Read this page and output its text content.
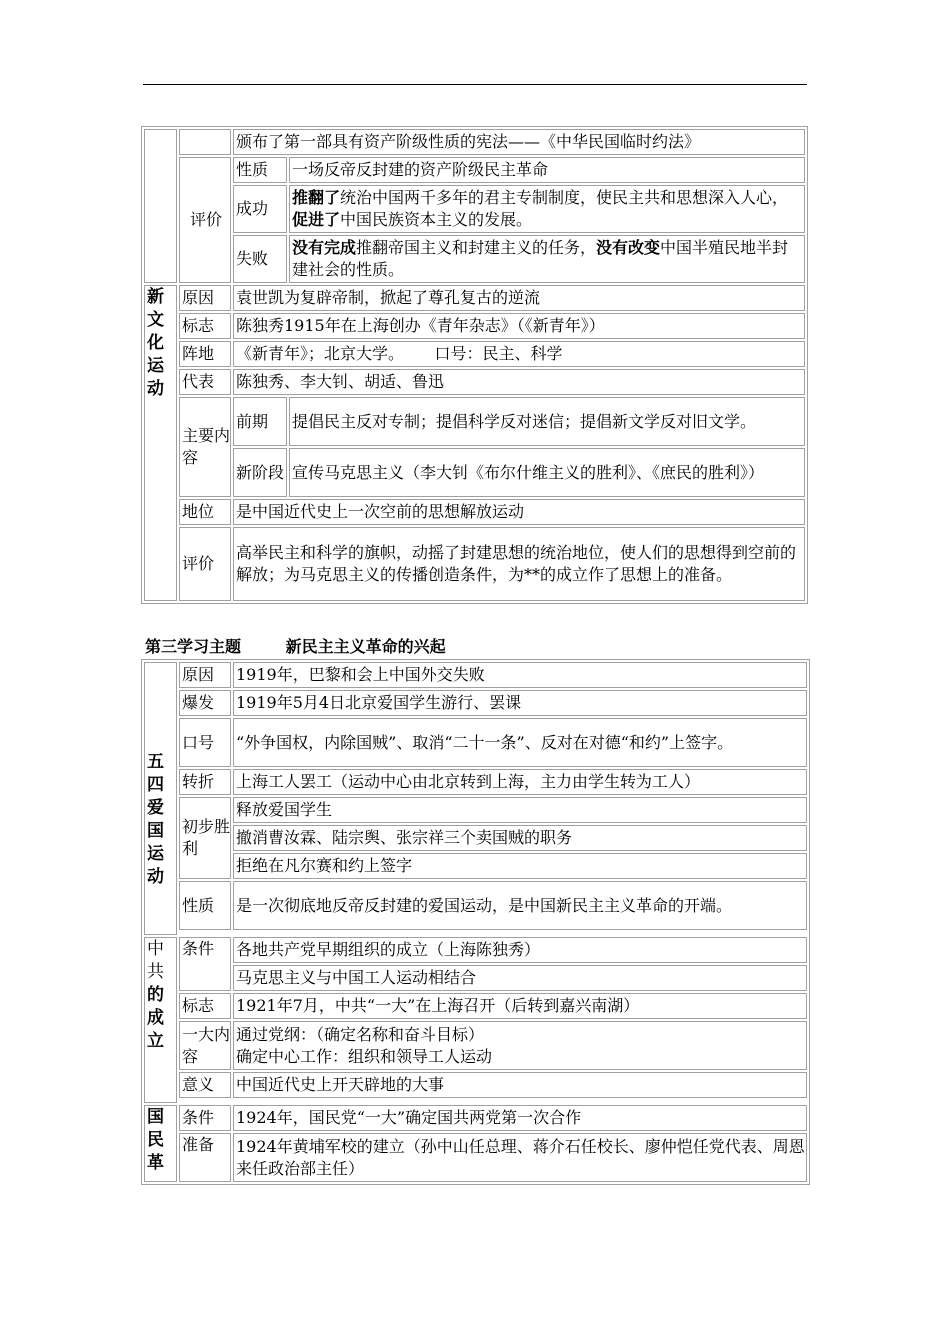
		颁布了第一部具有资产阶级性质的宪法——《中华民国临时约法》	
	评价	性质	一场反帝反封建的资产阶级民主革命
		成功	推翻了统治中国两千多年的君主专制制度，使民主共和思想深入人心，促进了中国民族资本主义的发展。
		失败	没有完成推翻帝国主义和封建主义的任务，没有改变中国半殖民地半封建社会的性质。
新文化运动	原因	袁世凯为复辟帝制，掀起了尊孔复古的逆流	
	标志	陈独秀1915年在上海创办《青年杂志》（《新青年》）	
	阵地	《新青年》；北京大学。      口号：民主、科学	
	代表	陈独秀、李大钊、胡适、鲁迅	
	主要内容	前期	提倡民主反对专制；提倡科学反对迷信；提倡新文学反对旧文学。
		新阶段	宣传马克思主义（李大钊《布尔什维主义的胜利》、《庶民的胜利》）
	地位	是中国近代史上一次空前的思想解放运动	
	评价	高举民主和科学的旗帜，动摇了封建思想的统治地位，使人们的思想得到空前的解放；为马克思主义的传播创造条件，为**的成立作了思想上的准备。	
第三学习主题	新民主主义革命的兴起
五四爱国运动	原因	1919年，巴黎和会上中国外交失败
	爆发	1919年5月4日北京爱国学生游行、罢课
	口号	“外争国权，内除国贼”、取消“二十一条”、反对在对德“和约”上签字。
	转折	上海工人罢工（运动中心由北京转到上海，主力由学生转为工人）
	初步胜利	释放爱国学生
		撤消曹汝霖、陆宗舆、张宗祥三个卖国贼的职务
		拒绝在凡尔赛和约上签字
	性质	是一次彻底地反帝反封建的爱国运动，是中国新民主主义革命的开端。

中共的成立	条件	各地共产党早期组织的成立（上海陈独秀）
		马克思主义与中国工人运动相结合
	标志	1921年7月，中共“一大”在上海召开（后转到嘉兴南湖）
	一大内容	通过党纲：（确定名称和奋斗目标）
确定中心工作：组织和领导工人运动

	意义	中国近代史上开天辟地的大事

国民革	条件	1924年，国民党“一大”确定国共两党第一次合作
	准备	1924年黄埔军校的建立（孙中山任总理、蒋介石任校长、廖仲恺任党代表、周恩来任政治部主任）
